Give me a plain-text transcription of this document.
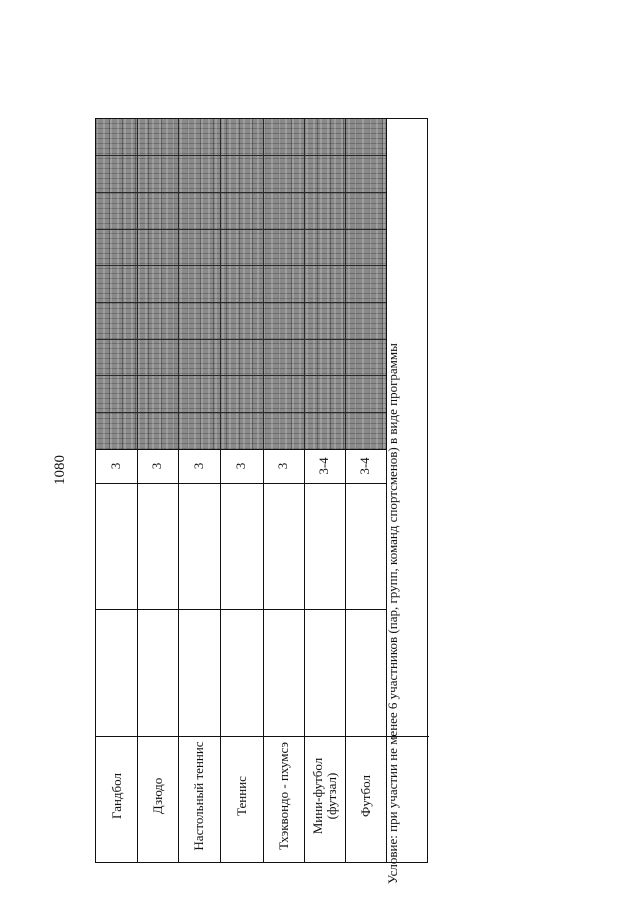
1080
Гандбол Дзюдо Настольный теннис Теннис Тхэквондо - пхумсэ Мини-футбол (футзал) Футбол
3 3 3 3 3 3-4 3-4 Условие: при участии не менее 6 участников (пар, групп, команд спортсменов) в виде программы
